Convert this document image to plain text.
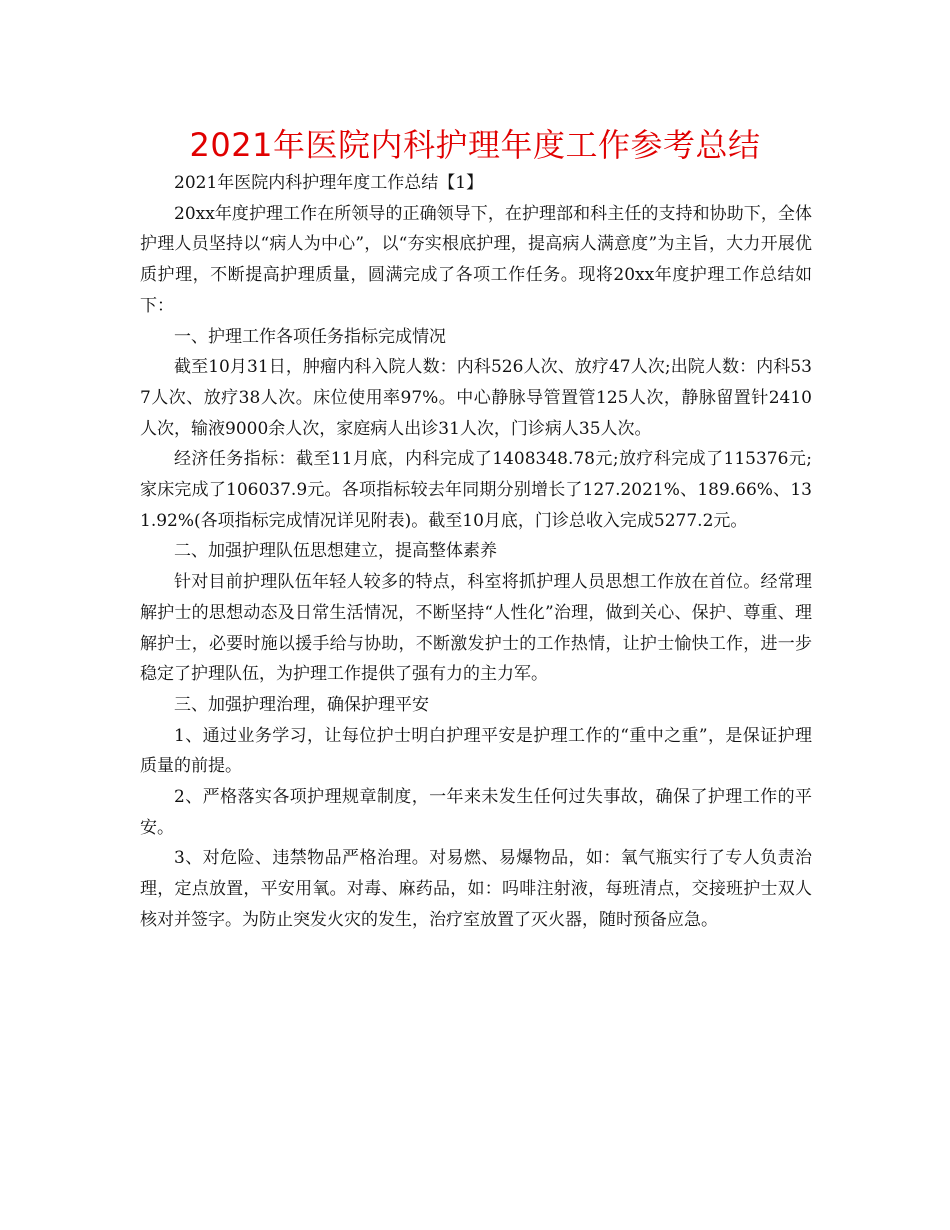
2021年医院内科护理年度工作参考总结

2021年医院内科护理年度工作总结【1】

20xx年度护理工作在所领导的正确领导下，在护理部和科主任的支持和协助下，全体护理人员坚持以“病人为中心”，以“夯实根底护理，提高病人满意度”为主旨，大力开展优质护理，不断提高护理质量，圆满完成了各项工作任务。现将20xx年度护理工作总结如下：

一、护理工作各项任务指标完成情况

截至10月31日，肿瘤内科入院人数：内科526人次、放疗47人次;出院人数：内科537人次、放疗38人次。床位使用率97%。中心静脉导管置管125人次，静脉留置针2410人次，输液9000余人次，家庭病人出诊31人次，门诊病人35人次。

经济任务指标：截至11月底，内科完成了1408348.78元;放疗科完成了115376元;家床完成了106037.9元。各项指标较去年同期分别增长了127.2021%、189.66%、131.92%(各项指标完成情况详见附表)。截至10月底，门诊总收入完成5277.2元。

二、加强护理队伍思想建立，提高整体素养

针对目前护理队伍年轻人较多的特点，科室将抓护理人员思想工作放在首位。经常理解护士的思想动态及日常生活情况，不断坚持“人性化”治理，做到关心、保护、尊重、理解护士，必要时施以援手给与协助，不断激发护士的工作热情，让护士愉快工作，进一步稳定了护理队伍，为护理工作提供了强有力的主力军。

三、加强护理治理，确保护理平安

1、通过业务学习，让每位护士明白护理平安是护理工作的“重中之重”，是保证护理质量的前提。

2、严格落实各项护理规章制度，一年来未发生任何过失事故，确保了护理工作的平安。

3、对危险、违禁物品严格治理。对易燃、易爆物品，如：氧气瓶实行了专人负责治理，定点放置，平安用氧。对毒、麻药品，如：吗啡注射液，每班清点，交接班护士双人核对并签字。为防止突发火灾的发生，治疗室放置了灭火器，随时预备应急。
